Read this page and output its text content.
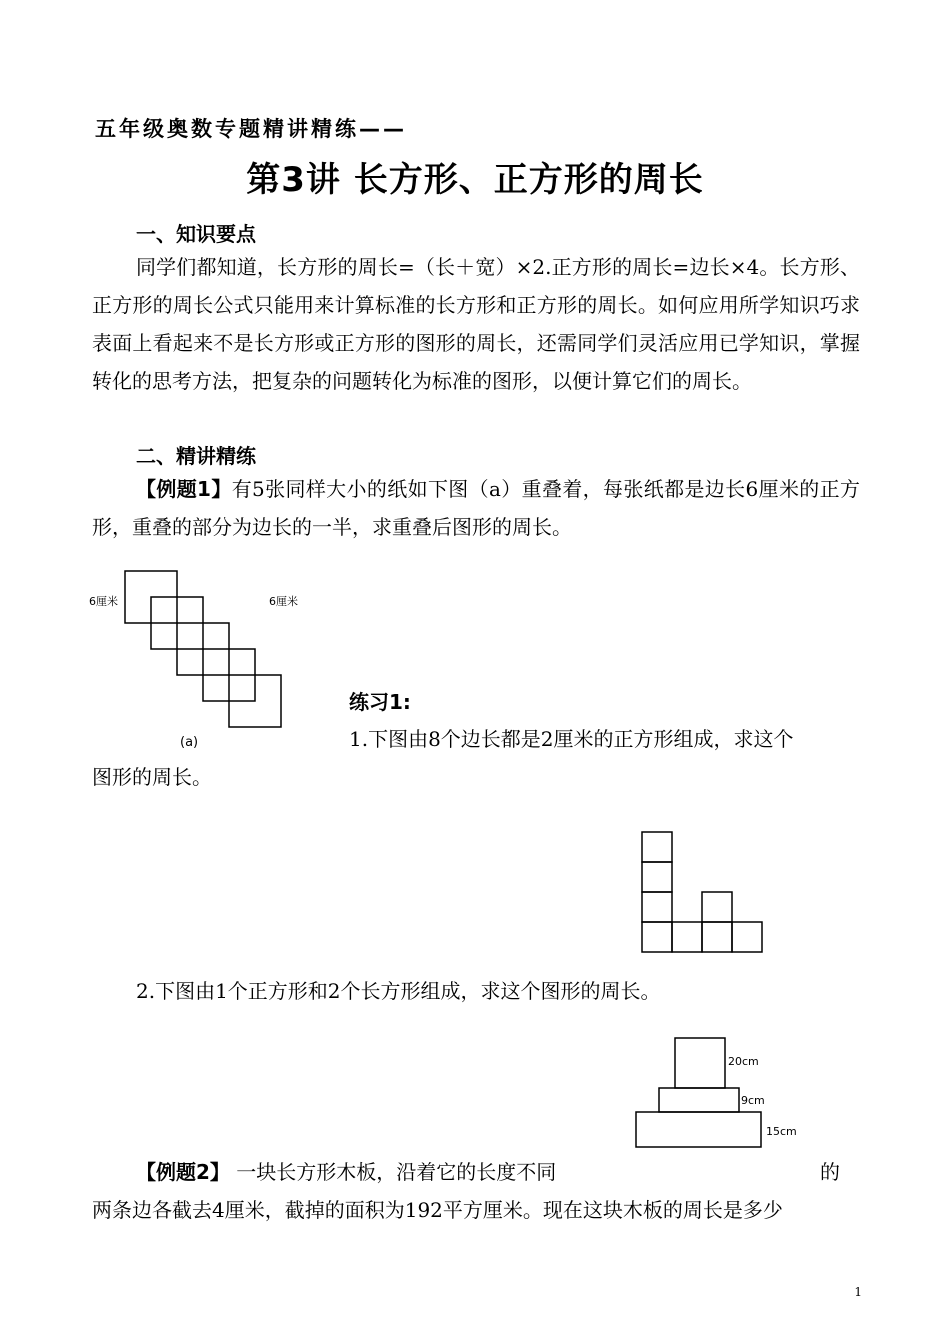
五年级奥数专题精讲精练——
第3讲 长方形、正方形的周长
一、知识要点
同学们都知道，长方形的周长=（长＋宽）×2.正方形的周长=边长×4。长方形、正方形的周长公式只能用来计算标准的长方形和正方形的周长。如何应用所学知识巧求表面上看起来不是长方形或正方形的图形的周长，还需同学们灵活应用已学知识，掌握转化的思考方法，把复杂的问题转化为标准的图形，以便计算它们的周长。
二、精讲精练
【例题1】有5张同样大小的纸如下图（a）重叠着，每张纸都是边长6厘米的正方形，重叠的部分为边长的一半，求重叠后图形的周长。
6厘米	6厘米
(a)
练习1:
1.下图由8个边长都是2厘米的正方形组成，求这个
图形的周长。
2.下图由1个正方形和2个长方形组成，求这个图形的周长。
20cm
9cm
15cm
【例题2】 一块长方形木板，沿着它的长度不同	的
两条边各截去4厘米，截掉的面积为192平方厘米。现在这块木板的周长是多少
1
